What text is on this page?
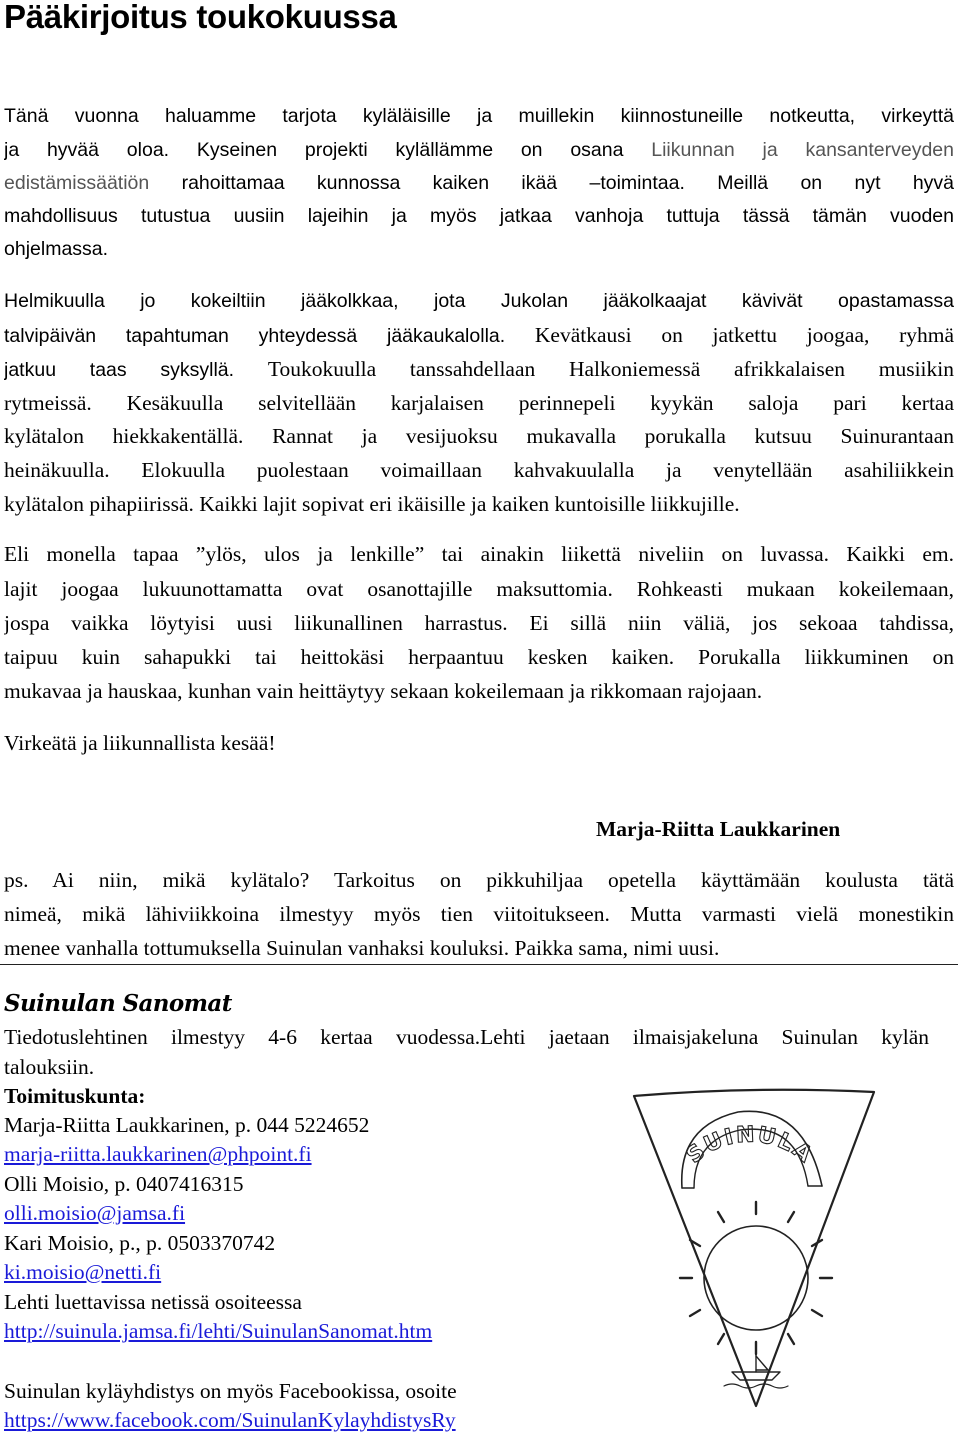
Pääkirjoitus toukokuussa
Tänä vuonna haluamme tarjota kyläläisille ja muillekin kiinnostuneille notkeutta, virkeyttä
ja hyvää oloa. Kyseinen projekti kylällämme on osana Liikunnan ja kansanterveyden
edistämissäätiön rahoittamaa kunnossa kaiken ikää –toimintaa. Meillä on nyt hyvä
mahdollisuus tutustua uusiin lajeihin ja myös jatkaa vanhoja tuttuja tässä tämän vuoden
ohjelmassa.
Helmikuulla jo kokeiltiin jääkolkkaa, jota Jukolan jääkolkaajat kävivät opastamassa
talvipäivän tapahtuman yhteydessä jääkaukalolla. Kevätkausi on jatkettu joogaa, ryhmä
jatkuu taas syksyllä. Toukokuulla tanssahdellaan Halkoniemessä afrikkalaisen musiikin
rytmeissä. Kesäkuulla selvitellään karjalaisen perinnepeli kyykän saloja pari kertaa
kylätalon hiekkakentällä. Rannat ja vesijuoksu mukavalla porukalla kutsuu Suinurantaan
heinäkuulla. Elokuulla puolestaan voimaillaan kahvakuulalla ja venytellään asahiliikkein
kylätalon pihapiirissä. Kaikki lajit sopivat eri ikäisille ja kaiken kuntoisille liikkujille.
Eli monella tapaa ”ylös, ulos ja lenkille” tai ainakin liikettä niveliin on luvassa. Kaikki em.
lajit joogaa lukuunottamatta ovat osanottajille maksuttomia. Rohkeasti mukaan kokeilemaan,
jospa vaikka löytyisi uusi liikunallinen harrastus. Ei sillä niin väliä, jos sekoaa tahdissa,
taipuu kuin sahapukki tai heittokäsi herpaantuu kesken kaiken. Porukalla liikkuminen on
mukavaa ja hauskaa, kunhan vain heittäytyy sekaan kokeilemaan ja rikkomaan rajojaan.
Virkeätä ja liikunnallista kesää!
Marja-Riitta Laukkarinen
ps. Ai niin, mikä kylätalo? Tarkoitus on pikkuhiljaa opetella käyttämään koulusta tätä
nimeä, mikä lähiviikkoina ilmestyy myös tien viitoitukseen. Mutta varmasti vielä monestikin
menee vanhalla tottumuksella Suinulan vanhaksi kouluksi. Paikka sama, nimi uusi.
Suinulan Sanomat
Tiedotuslehtinen ilmestyy 4-6 kertaa vuodessa.Lehti jaetaan ilmaisjakeluna Suinulan kylän
talouksiin.
Toimituskunta:
Marja-Riitta Laukkarinen, p. 044 5224652
marja-riitta.laukkarinen@phpoint.fi
Olli Moisio, p. 0407416315
olli.moisio@jamsa.fi
Kari Moisio, p., p. 0503370742
ki.moisio@netti.fi
Lehti luettavissa netissä osoiteessa
http://suinula.jamsa.fi/lehti/SuinulanSanomat.htm
Suinulan kyläyhdistys on myös Facebookissa, osoite
https://www.facebook.com/SuinulanKylayhdistysRy
SUINULA
